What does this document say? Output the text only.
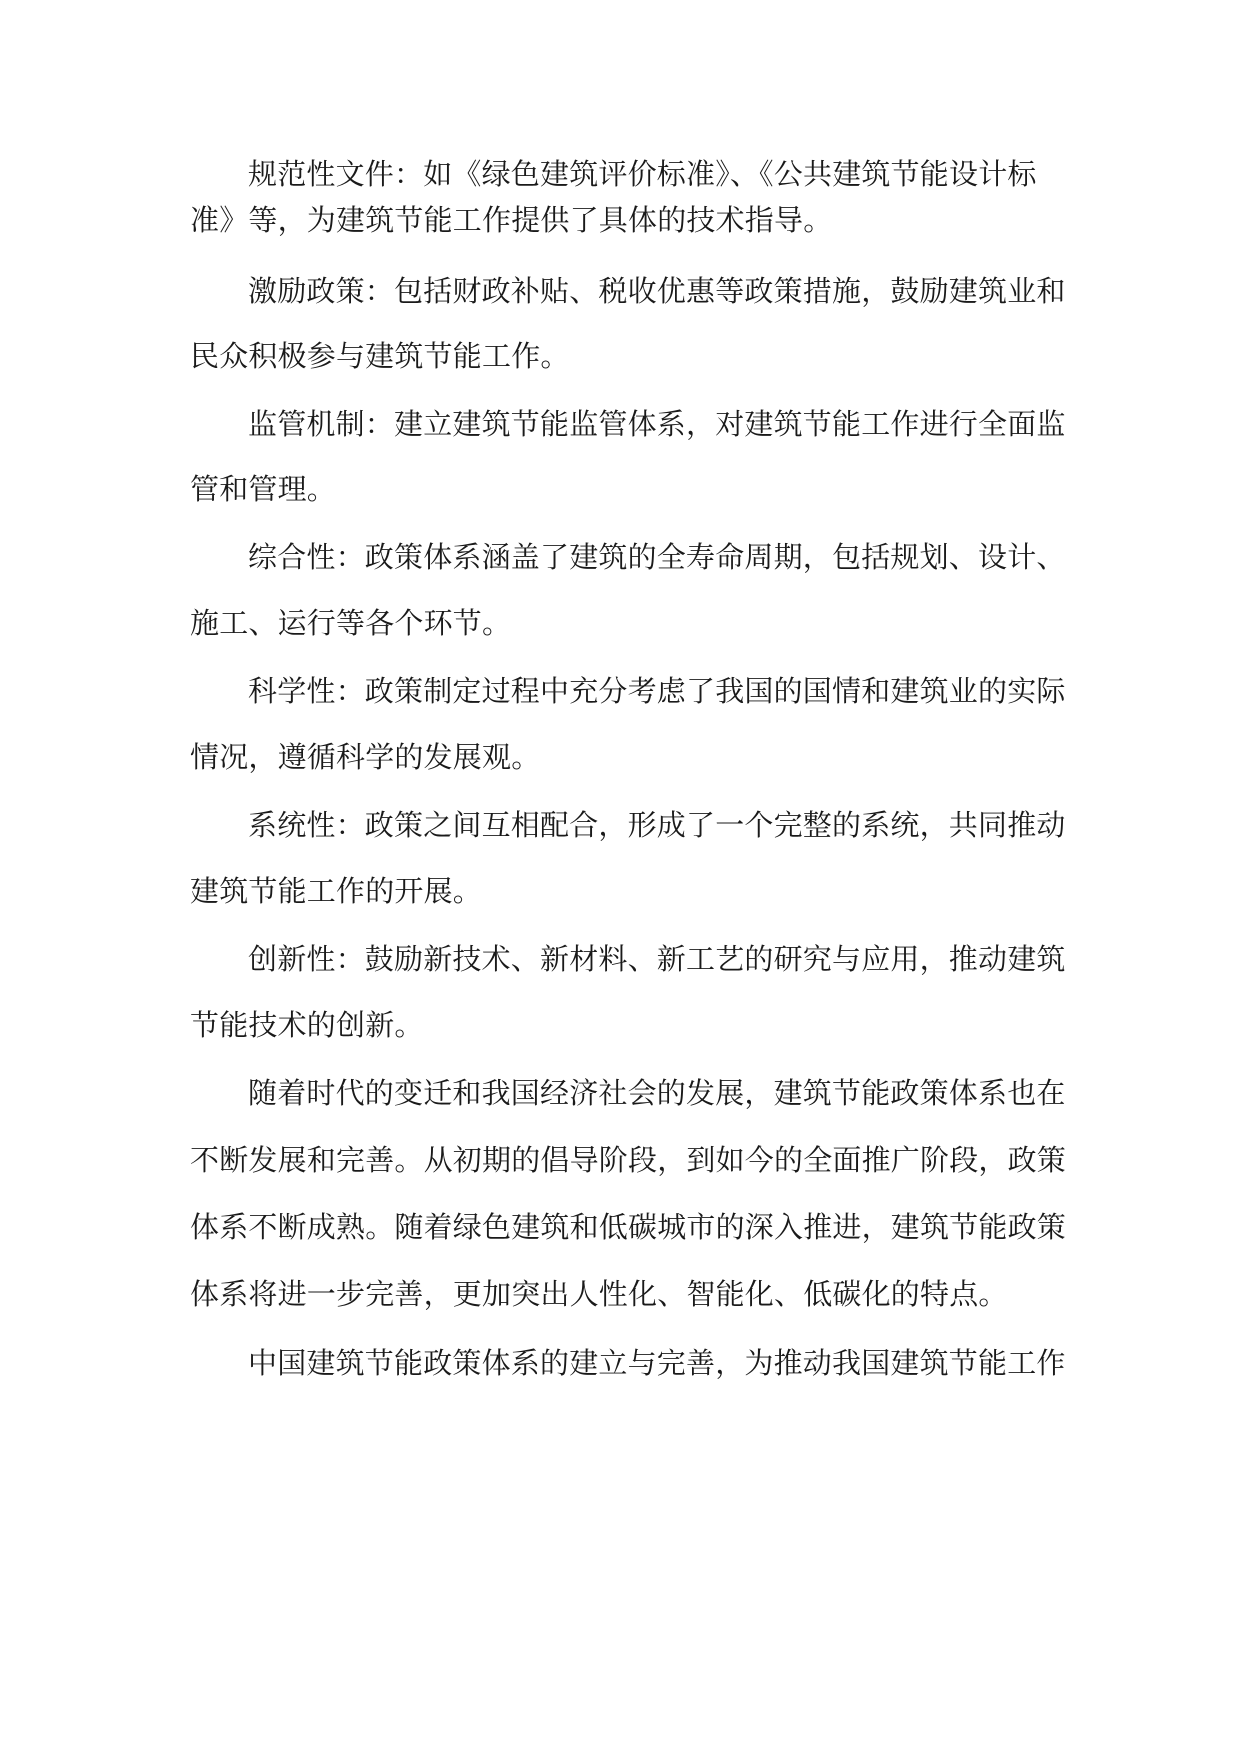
规范性文件：如《绿色建筑评价标准》、《公共建筑节能设计标
准》等，为建筑节能工作提供了具体的技术指导。
激励政策：包括财政补贴、税收优惠等政策措施，鼓励建筑业和
民众积极参与建筑节能工作。
监管机制：建立建筑节能监管体系，对建筑节能工作进行全面监
管和管理。
综合性：政策体系涵盖了建筑的全寿命周期，包括规划、设计、
施工、运行等各个环节。
科学性：政策制定过程中充分考虑了我国的国情和建筑业的实际
情况，遵循科学的发展观。
系统性：政策之间互相配合，形成了一个完整的系统，共同推动
建筑节能工作的开展。
创新性：鼓励新技术、新材料、新工艺的研究与应用，推动建筑
节能技术的创新。
随着时代的变迁和我国经济社会的发展，建筑节能政策体系也在
不断发展和完善。从初期的倡导阶段，到如今的全面推广阶段，政策
体系不断成熟。随着绿色建筑和低碳城市的深入推进，建筑节能政策
体系将进一步完善，更加突出人性化、智能化、低碳化的特点。
中国建筑节能政策体系的建立与完善，为推动我国建筑节能工作
